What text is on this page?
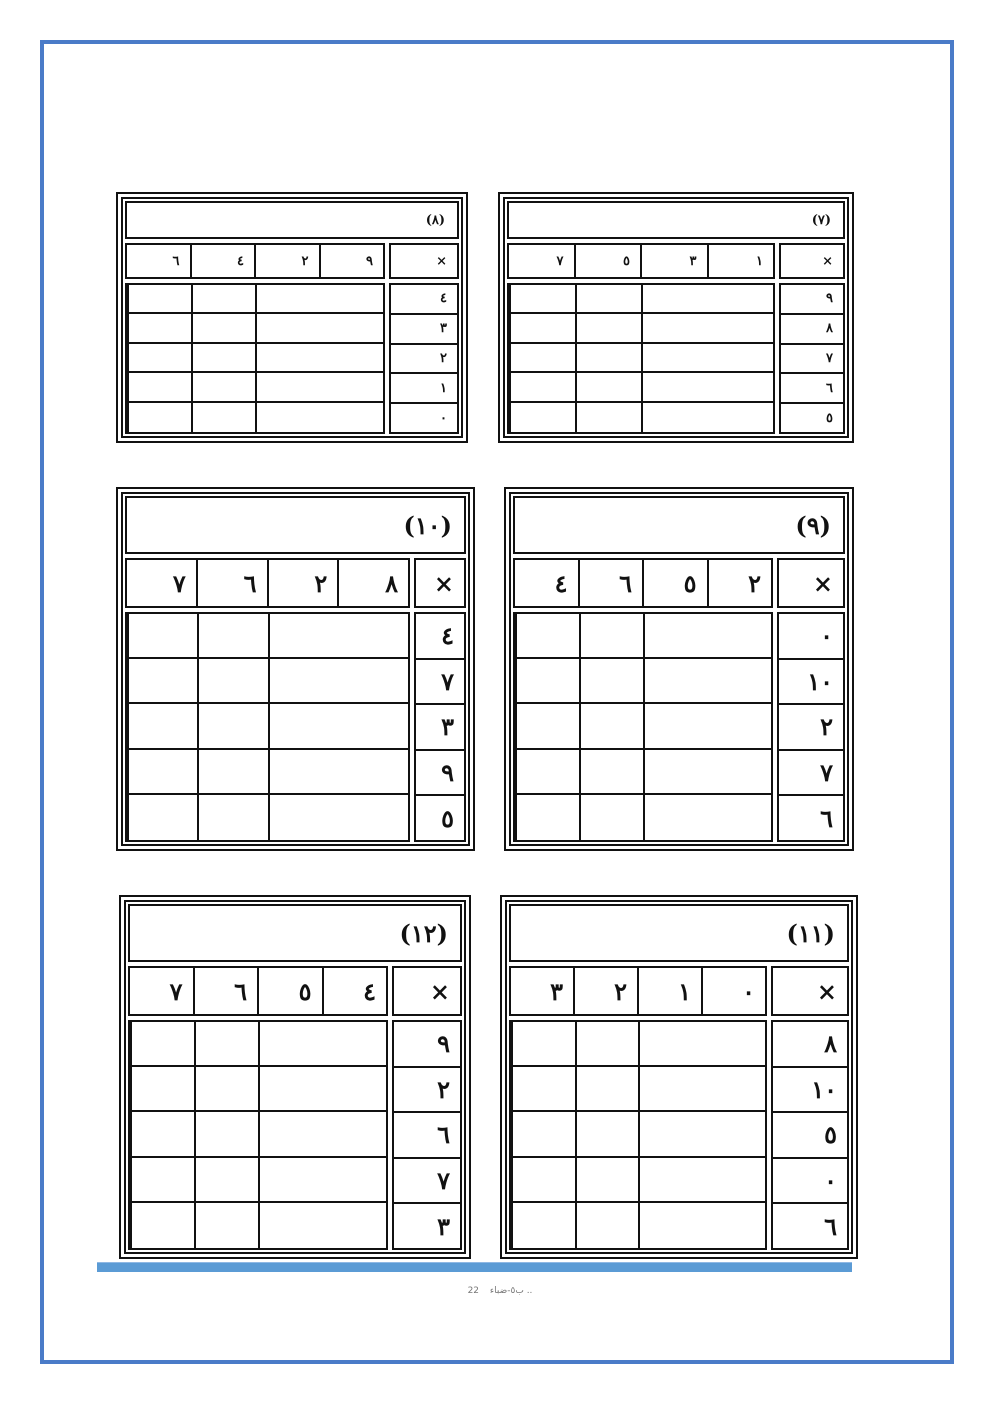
(٧)
×
١
٣
٥
٧
٩
٨
٧
٦
٥
(٨)
×
٩
٢
٤
٦
٤
٣
٢
١
٠
(٩)
×
٢
٥
٦
٤
٠
١٠
٢
٧
٦
(١٠)
×
٨
٢
٦
٧
٤
٧
٣
٩
٥
(١١)
×
٠
١
٢
٣
٨
١٠
٥
٠
٦
(١٢)
×
٤
٥
٦
٧
٩
٢
٦
٧
٣
22 ب٥-ضباء ..
